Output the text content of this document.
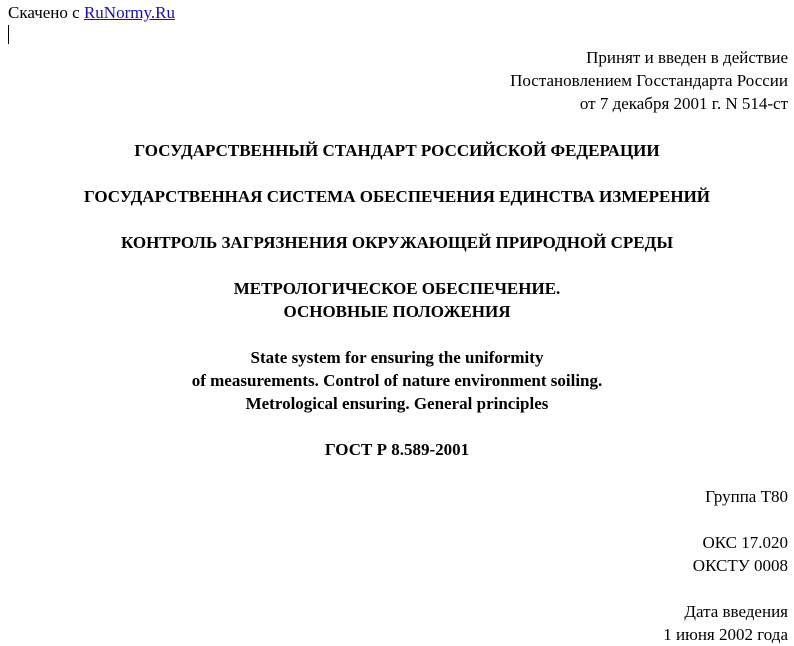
Скачено с RuNormy.Ru
Принят и введен в действие
Постановлением Госстандарта России
от 7 декабря 2001 г. N 514-ст
ГОСУДАРСТВЕННЫЙ СТАНДАРТ РОССИЙСКОЙ ФЕДЕРАЦИИ
ГОСУДАРСТВЕННАЯ СИСТЕМА ОБЕСПЕЧЕНИЯ ЕДИНСТВА ИЗМЕРЕНИЙ
КОНТРОЛЬ ЗАГРЯЗНЕНИЯ ОКРУЖАЮЩЕЙ ПРИРОДНОЙ СРЕДЫ
МЕТРОЛОГИЧЕСКОЕ ОБЕСПЕЧЕНИЕ.
ОСНОВНЫЕ ПОЛОЖЕНИЯ
State system for ensuring the uniformity
of measurements. Control of nature environment soiling.
Metrological ensuring. General principles
ГОСТ Р 8.589-2001
Группа Т80
ОКС 17.020
ОКСТУ 0008
Дата введения
1 июня 2002 года
